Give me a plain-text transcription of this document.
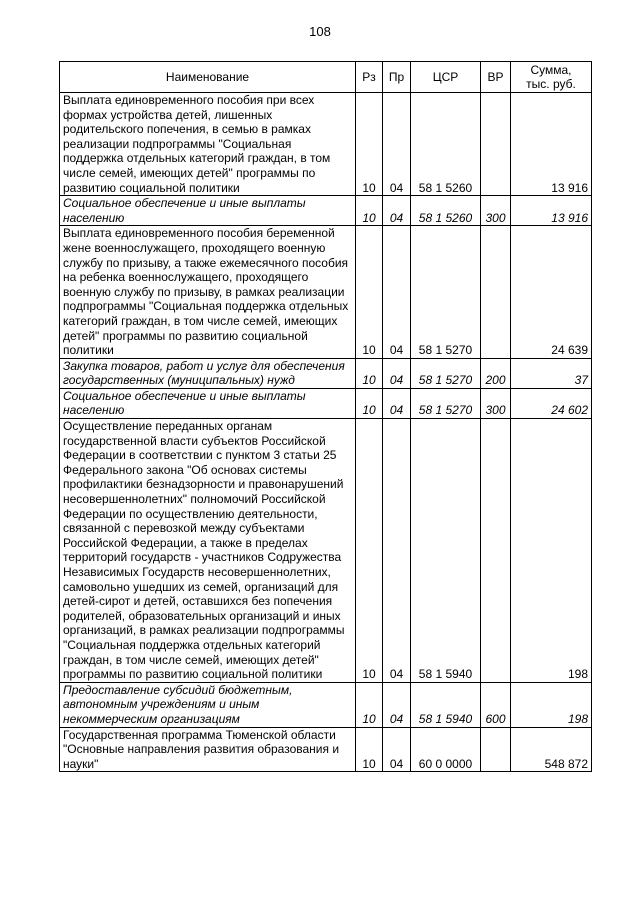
108
Наименование	Рз	Пр	ЦСР	ВР	Сумма,
тыс. руб.
Выплата единовременного пособия при всех формах устройства детей, лишенных родительского попечения, в семью в рамках реализации подпрограммы "Социальная поддержка отдельных категорий граждан, в том числе семей, имеющих детей" программы по развитию социальной политики	10	04	58 1 5260		13 916
Социальное обеспечение и иные выплаты населению	10	04	58 1 5260	300	13 916
Выплата единовременного пособия беременной жене военнослужащего, проходящего военную службу по призыву, а также ежемесячного пособия на ребенка военнослужащего, проходящего военную службу по призыву, в рамках реализации подпрограммы "Социальная поддержка отдельных категорий граждан, в том числе семей, имеющих детей" программы по развитию социальной политики	10	04	58 1 5270		24 639
Закупка товаров, работ и услуг для обеспечения государственных (муниципальных) нужд	10	04	58 1 5270	200	37
Социальное обеспечение и иные выплаты населению	10	04	58 1 5270	300	24 602
Осуществление переданных органам государственной власти субъектов Российской Федерации в соответствии с пунктом 3 статьи 25 Федерального закона "Об основах системы профилактики безнадзорности и правонарушений несовершеннолетних" полномочий Российской Федерации по осуществлению деятельности, связанной с перевозкой между субъектами Российской Федерации, а также в пределах территорий государств - участников Содружества Независимых Государств несовершеннолетних, самовольно ушедших из семей, организаций для детей-сирот и детей, оставшихся без попечения родителей, образовательных организаций и иных организаций, в рамках реализации подпрограммы "Социальная поддержка отдельных категорий граждан, в том числе семей, имеющих детей" программы по развитию социальной политики	10	04	58 1 5940		198
Предоставление субсидий бюджетным, автономным учреждениям и иным некоммерческим организациям	10	04	58 1 5940	600	198
Государственная программа Тюменской области "Основные направления развития образования и науки"	10	04	60 0 0000		548 872
